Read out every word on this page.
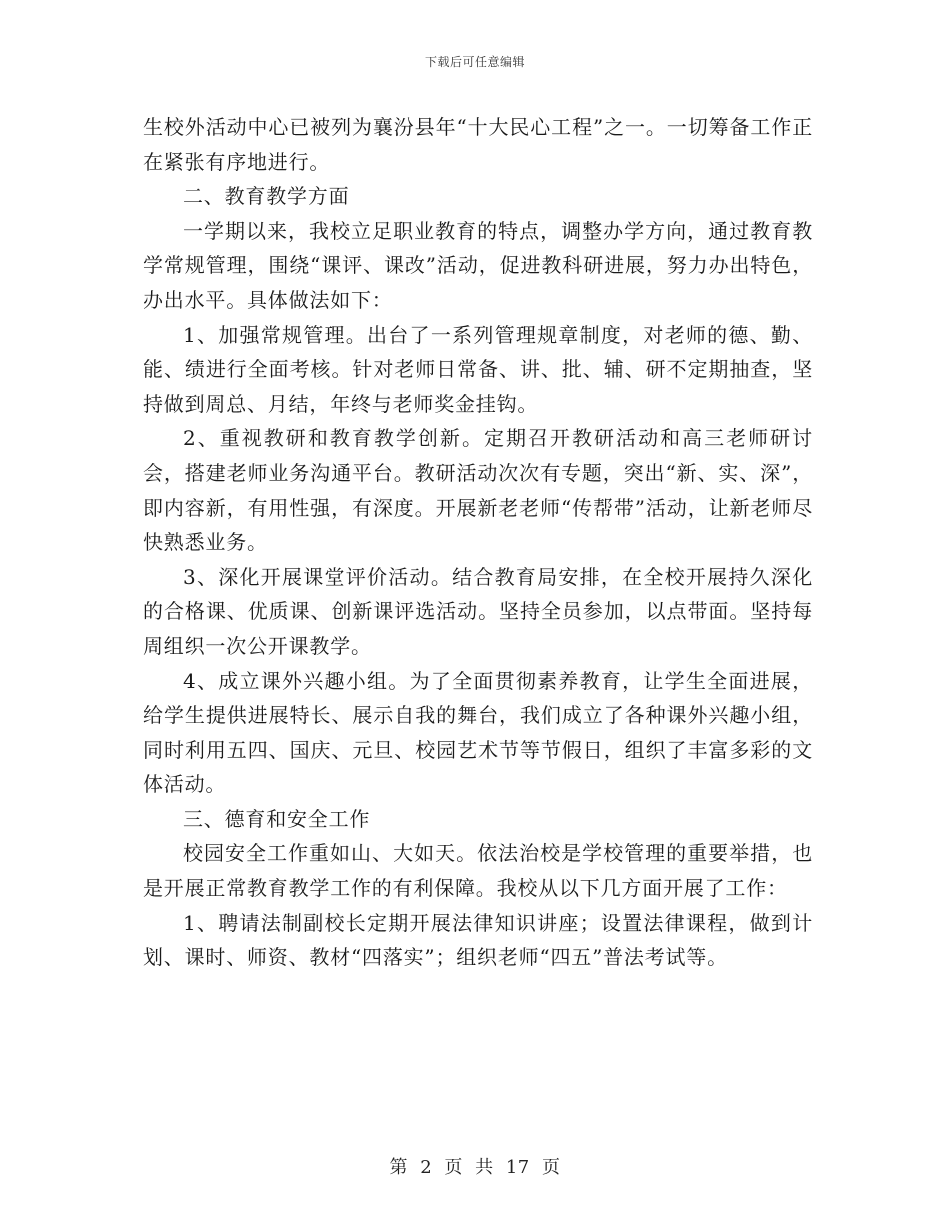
下载后可任意编辑

生校外活动中心已被列为襄汾县年“十大民心工程”之一。一切筹备工作正在紧张有序地进行。

二、教育教学方面

一学期以来，我校立足职业教育的特点，调整办学方向，通过教育教学常规管理，围绕“课评、课改”活动，促进教科研进展，努力办出特色，办出水平。具体做法如下：

1、加强常规管理。出台了一系列管理规章制度，对老师的德、勤、能、绩进行全面考核。针对老师日常备、讲、批、辅、研不定期抽查，坚持做到周总、月结，年终与老师奖金挂钩。

2、重视教研和教育教学创新。定期召开教研活动和高三老师研讨会，搭建老师业务沟通平台。教研活动次次有专题，突出“新、实、深”，即内容新，有用性强，有深度。开展新老老师“传帮带”活动，让新老师尽快熟悉业务。

3、深化开展课堂评价活动。结合教育局安排，在全校开展持久深化的合格课、优质课、创新课评选活动。坚持全员参加，以点带面。坚持每周组织一次公开课教学。

4、成立课外兴趣小组。为了全面贯彻素养教育，让学生全面进展，给学生提供进展特长、展示自我的舞台，我们成立了各种课外兴趣小组，同时利用五四、国庆、元旦、校园艺术节等节假日，组织了丰富多彩的文体活动。

三、德育和安全工作

校园安全工作重如山、大如天。依法治校是学校管理的重要举措，也是开展正常教育教学工作的有利保障。我校从以下几方面开展了工作：

1、聘请法制副校长定期开展法律知识讲座；设置法律课程，做到计划、课时、师资、教材“四落实”；组织老师“四五”普法考试等。

第 2 页 共 17 页
